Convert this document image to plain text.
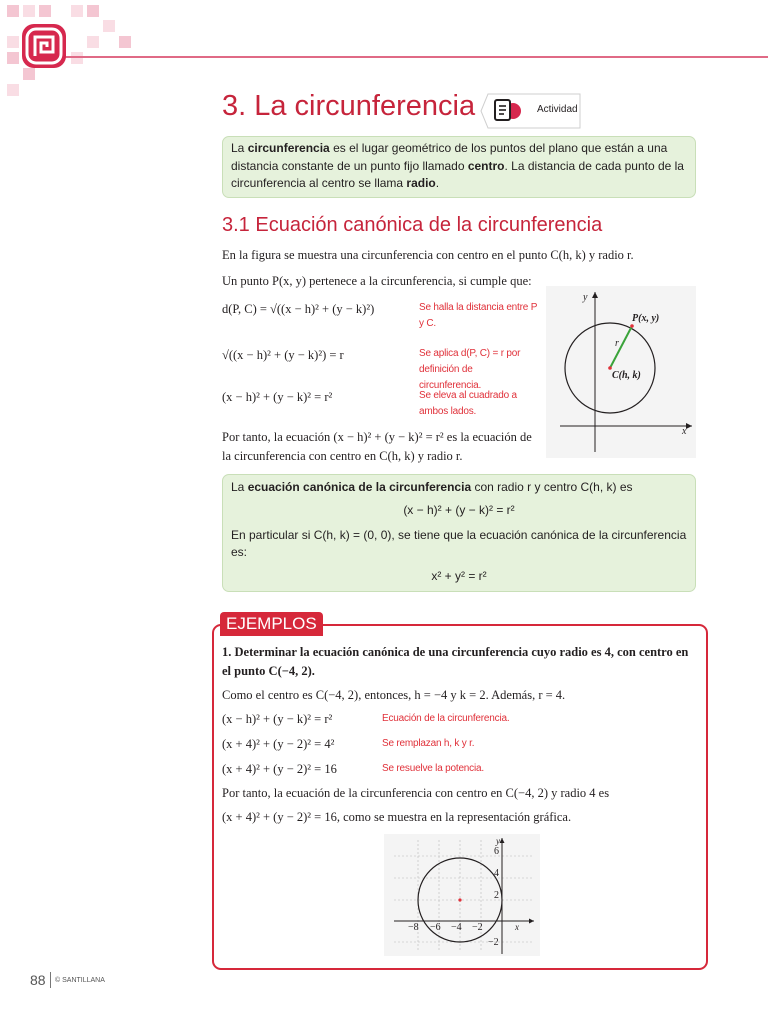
3. La circunferencia	Actividad
La circunferencia es el lugar geométrico de los puntos del plano que están a una distancia constante de un punto fijo llamado centro. La distancia de cada punto de la circunferencia al centro se llama radio.
3.1 Ecuación canónica de la circunferencia
En la figura se muestra una circunferencia con centro en el punto C(h, k) y radio r.
Un punto P(x, y) pertenece a la circunferencia, si cumple que:
d(P, C) = √((x − h)² + (y − k)²)	Se halla la distancia entre P y C.
√((x − h)² + (y − k)²) = r	Se aplica d(P, C) = r por definición de circunferencia.
(x − h)² + (y − k)² = r²	Se eleva al cuadrado a ambos lados.
Por tanto, la ecuación (x − h)² + (y − k)² = r² es la ecuación de la circunferencia con centro en C(h, k) y radio r.
y
x
P(x, y)
r
C(h, k)
La ecuación canónica de la circunferencia con radio r y centro C(h, k) es
(x − h)² + (y − k)² = r²
En particular si C(h, k) = (0, 0), se tiene que la ecuación canónica de la circunferencia es:
x² + y² = r²
EJEMPLOS
1. Determinar la ecuación canónica de una circunferencia cuyo radio es 4, con centro en el punto C(−4, 2).
Como el centro es C(−4, 2), entonces, h = −4 y k = 2. Además, r = 4.
(x − h)² + (y − k)² = r²	Ecuación de la circunferencia.
(x + 4)² + (y − 2)² = 4²	Se remplazan h, k y r.
(x + 4)² + (y − 2)² = 16	Se resuelve la potencia.
Por tanto, la ecuación de la circunferencia con centro en C(−4, 2) y radio 4 es
(x + 4)² + (y − 2)² = 16, como se muestra en la representación gráfica.
−8 −6 −4 −2
6
4
2
−2
x
y
88 © SANTILLANA
